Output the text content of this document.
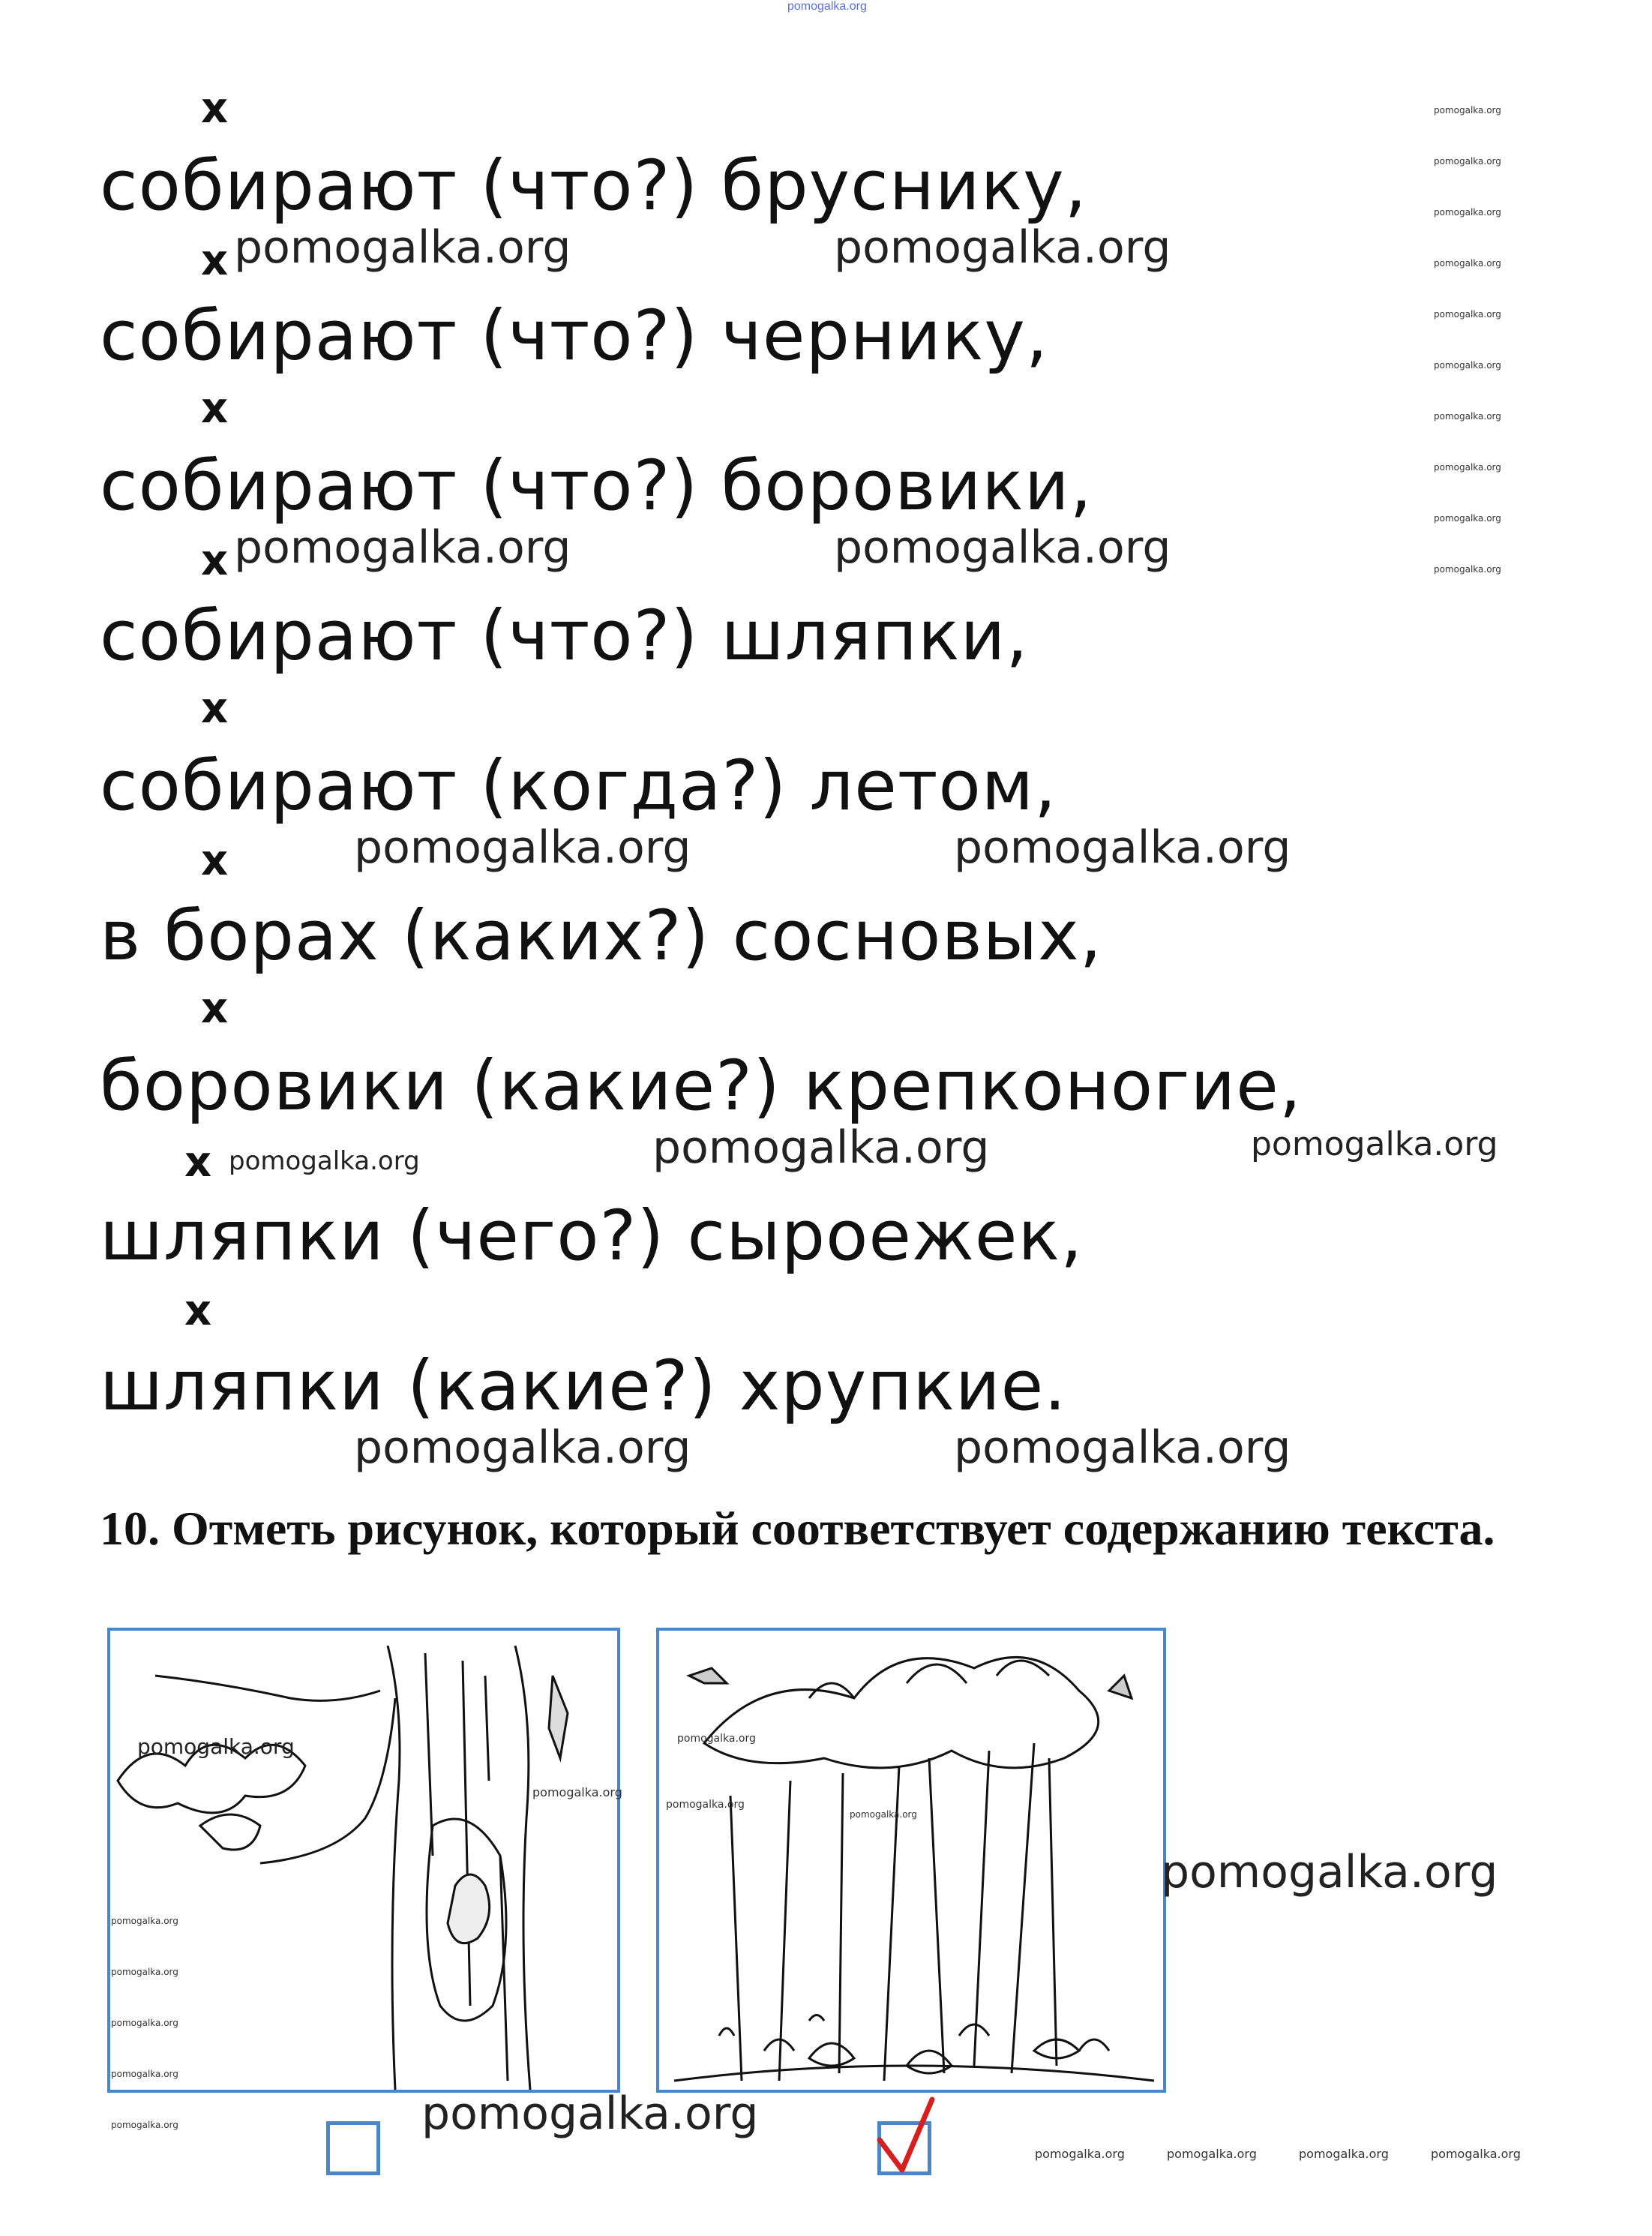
pomogalka.org
pomogalka.org
pomogalka.org
pomogalka.org
pomogalka.org
pomogalka.org
pomogalka.org
pomogalka.org
pomogalka.org
pomogalka.org
pomogalka.org
x
собирают (что?) бруснику,
x pomogalka.org	pomogalka.org
собирают (что?) чернику,
x
собирают (что?) боровики,
x pomogalka.org	pomogalka.org
собирают (что?) шляпки,
x
собирают (когда?) летом,
x	pomogalka.org	pomogalka.org
в борах (каких?) сосновых,
x
боровики (какие?) крепконогие,
x pomogalka.org	pomogalka.org	pomogalka.org
шляпки (чего?) сыроежек,
x
шляпки (какие?) хрупкие.
pomogalka.org	pomogalka.org
10. Отметь рисунок, который соответствует содержанию текста.
pomogalka.org
pomogalka.org
pomogalka.org
pomogalka.org
pomogalka.org
pomogalka.org
pomogalka.org
pomogalka.org
pomogalka.org
pomogalka.org
pomogalka.org
pomogalka.org
pomogalka.org	pomogalka.org	pomogalka.org	pomogalka.org
